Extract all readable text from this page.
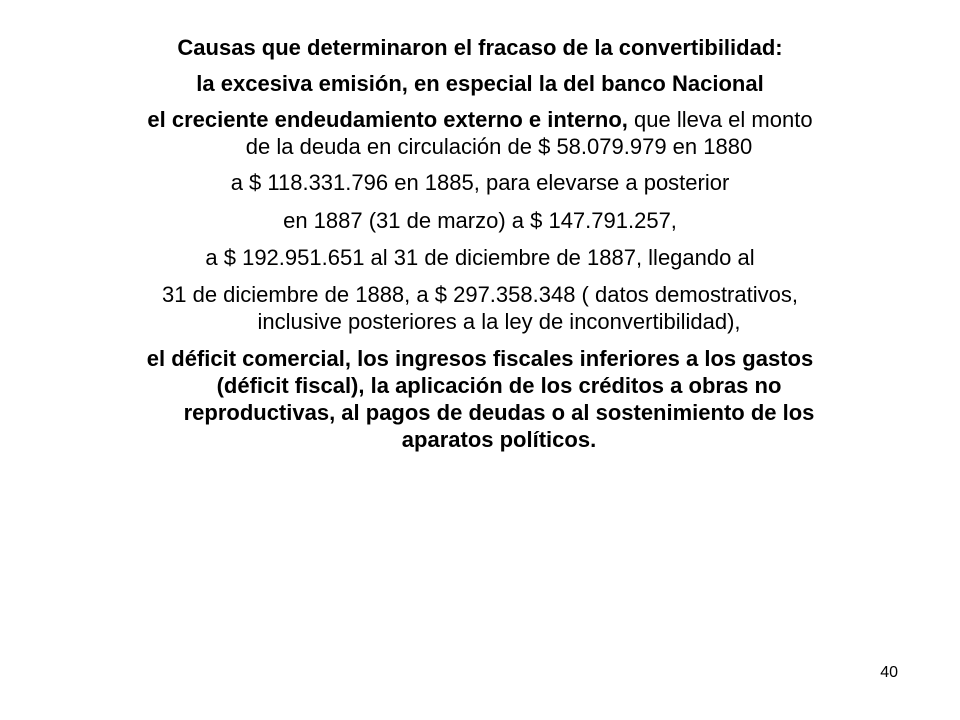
Causas que determinaron el fracaso de la convertibilidad:

la excesiva emisión, en especial la del banco Nacional

el creciente endeudamiento externo e interno, que lleva el monto

de la deuda en circulación de $ 58.079.979 en 1880

a $ 118.331.796 en 1885, para elevarse a posterior

en 1887 (31 de marzo) a $ 147.791.257,

a $ 192.951.651 al 31 de diciembre de 1887, llegando al

31 de diciembre de 1888, a $ 297.358.348 ( datos demostrativos,

inclusive posteriores a la ley de inconvertibilidad),

el déficit comercial, los ingresos fiscales inferiores a los gastos

(déficit fiscal), la aplicación de los créditos a obras no

reproductivas, al pagos de deudas o al sostenimiento de los

aparatos políticos.

40
